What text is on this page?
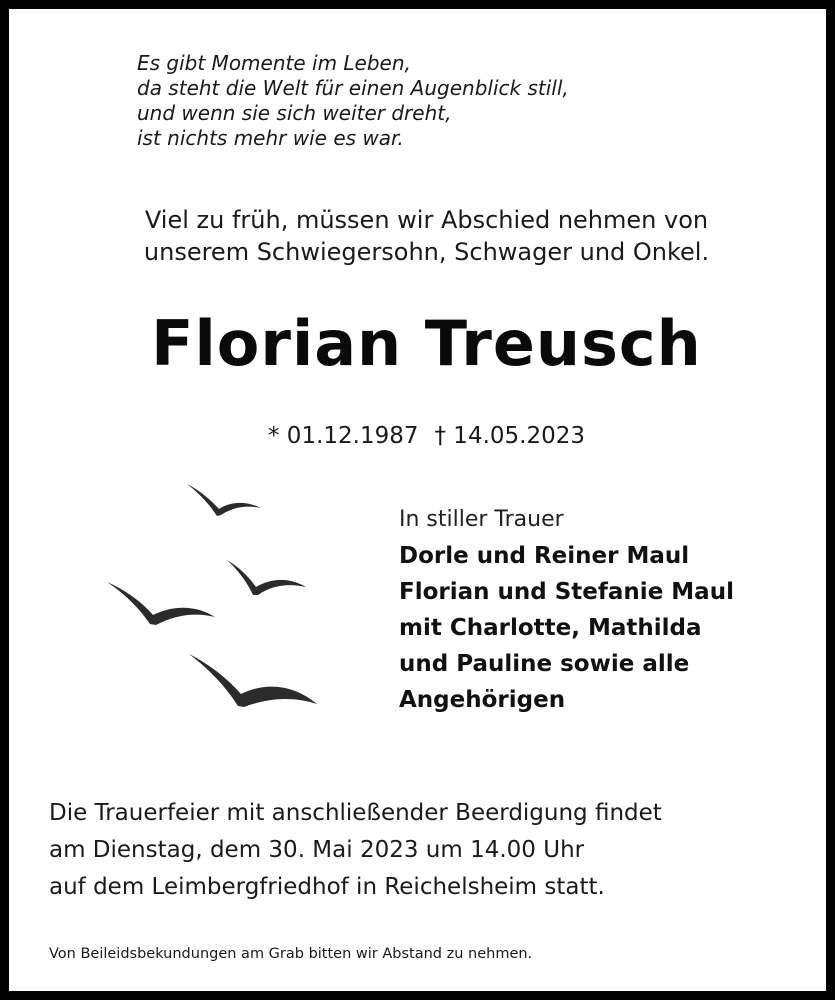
Es gibt Momente im Leben,
da steht die Welt für einen Augenblick still,
und wenn sie sich weiter dreht,
ist nichts mehr wie es war.
Viel zu früh, müssen wir Abschied nehmen von
unserem Schwiegersohn, Schwager und Onkel.
Florian Treusch
* 01.12.1987 † 14.05.2023
In stiller Trauer
Dorle und Reiner Maul
Florian und Stefanie Maul
mit Charlotte, Mathilda
und Pauline sowie alle
Angehörigen
Die Trauerfeier mit anschließender Beerdigung findet
am Dienstag, dem 30. Mai 2023 um 14.00 Uhr
auf dem Leimbergfriedhof in Reichelsheim statt.
Von Beileidsbekundungen am Grab bitten wir Abstand zu nehmen.
